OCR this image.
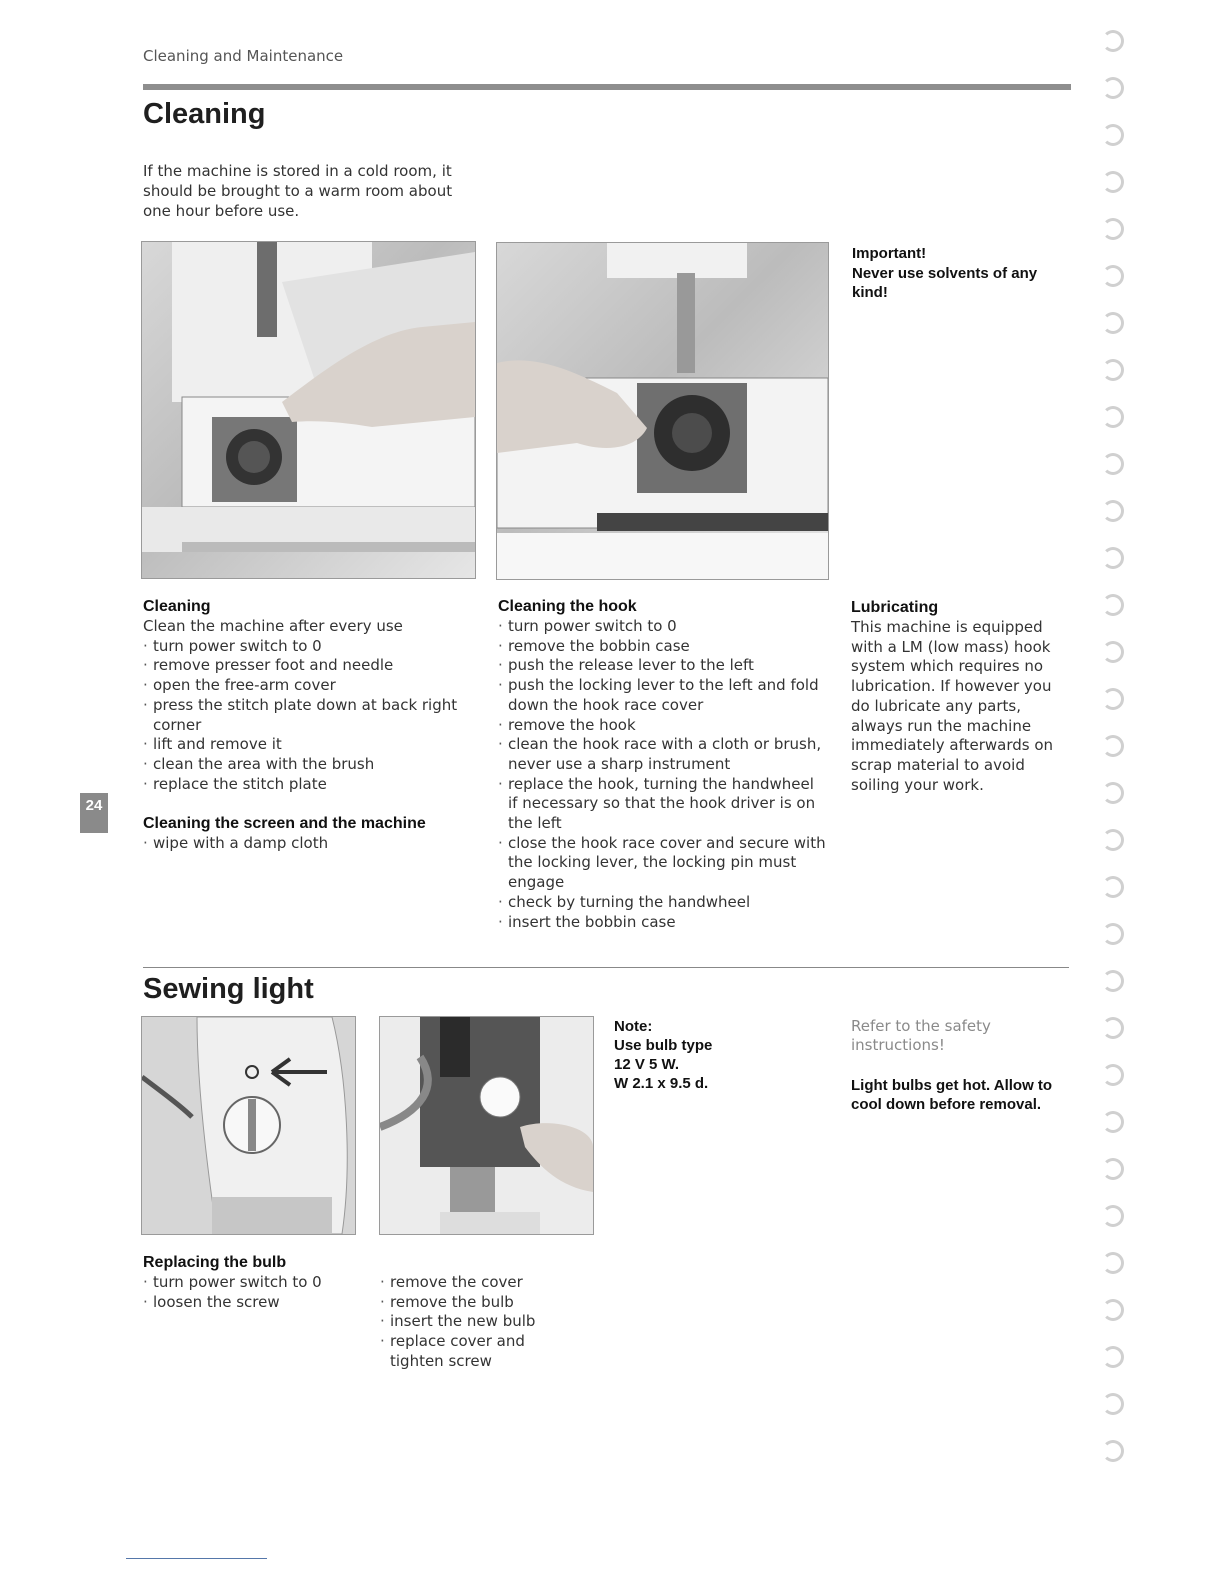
Cleaning and Maintenance
Cleaning
If the machine is stored in a cold room, it should be brought to a warm room about one hour before use.
Important!
Never use solvents of any kind!
Cleaning
Clean the machine after every use
· turn power switch to 0
· remove presser foot and needle
· open the free-arm cover
· press the stitch plate down at back right corner
· lift and remove it
· clean the area with the brush
· replace the stitch plate
Cleaning the screen and the machine
· wipe with a damp cloth
Cleaning the hook
· turn power switch to 0
· remove the bobbin case
· push the release lever to the left
· push the locking lever to the left and fold down the hook race cover
· remove the hook
· clean the hook race with a cloth or brush, never use a sharp instrument
· replace the hook, turning the handwheel if necessary so that the hook driver is on the left
· close the hook race cover and secure with the locking lever, the locking pin must engage
· check by turning the handwheel
· insert the bobbin case
Lubricating
This machine is equipped with a LM (low mass) hook system which requires no lubrication. If however you do lubricate any parts, always run the machine immediately afterwards on scrap material to avoid soiling your work.
24
Sewing light
Note:
Use bulb type
12 V 5 W.
W 2.1 x 9.5 d.
Refer to the safety instructions!
Light bulbs get hot. Allow to cool down before removal.
Replacing the bulb
· turn power switch to 0
· loosen the screw
· remove the cover
· remove the bulb
· insert the new bulb
· replace cover and tighten screw
